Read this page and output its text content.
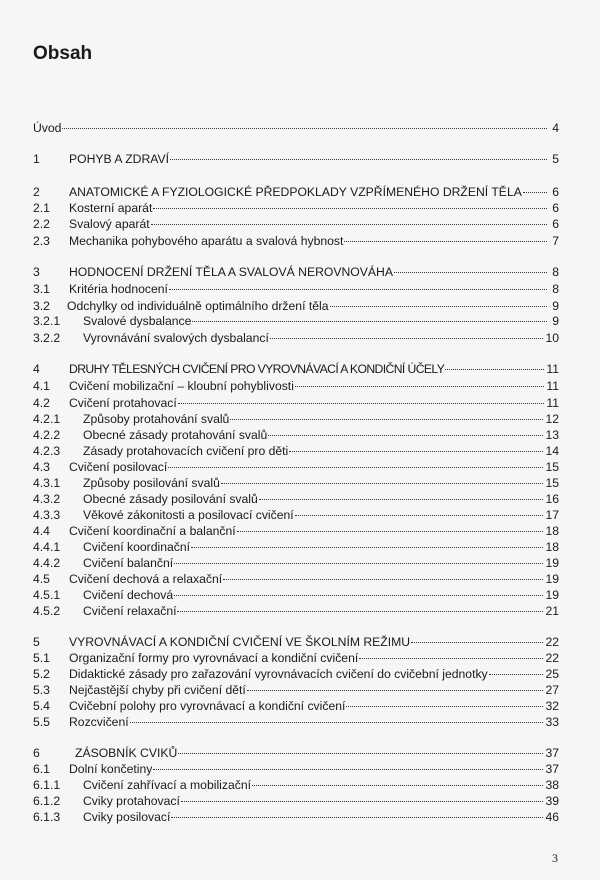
Obsah
Úvod	4
1	POHYB A ZDRAVÍ	5
2	ANATOMICKÉ A FYZIOLOGICKÉ PŘEDPOKLADY VZPŘÍMENÉHO DRŽENÍ TĚLA 6
2.1	Kosterní aparát	6
2.2	Svalový aparát	6
2.3	Mechanika pohybového aparátu a svalová hybnost	7
3	HODNOCENÍ DRŽENÍ TĚLA A SVALOVÁ NEROVNOVÁHA	8
3.1	Kritéria hodnocení	8
3.2	Odchylky od individuálně optimálního držení těla	9
3.2.1	Svalové dysbalance	9
3.2.2	Vyrovnávání svalových dysbalancí	10
4	DRUHY TĚLESNÝCH CVIČENÍ PRO VYROVNÁVACÍ A KONDIČNÍ ÚČELY	11
4.1	Cvičení mobilizační – kloubní pohyblivosti	11
4.2	Cvičení protahovací	11
4.2.1	Způsoby protahování svalů	12
4.2.2	Obecné zásady protahování svalů	13
4.2.3	Zásady protahovacích cvičení pro děti	14
4.3	Cvičení posilovací	15
4.3.1	Způsoby posilování svalů	15
4.3.2	Obecné zásady posilování svalů	16
4.3.3	Věkové zákonitosti a posilovací cvičení	17
4.4	Cvičení koordinační a balanční	18
4.4.1	Cvičení koordinační	18
4.4.2	Cvičení balanční	19
4.5	Cvičení dechová a relaxační	19
4.5.1	Cvičení dechová	19
4.5.2	Cvičení relaxační	21
5	VYROVNÁVACÍ A KONDIČNÍ CVIČENÍ VE ŠKOLNÍM REŽIMU	22
5.1	Organizační formy pro vyrovnávací a kondiční cvičení	22
5.2	Didaktické zásady pro zařazování vyrovnávacích cvičení do cvičební jednotky	25
5.3	Nejčastější chyby při cvičení dětí	27
5.4	Cvičební polohy pro vyrovnávací a kondiční cvičení	32
5.5	Rozcvičení	33
6	ZÁSOBNÍK CVIKŮ	37
6.1	Dolní končetiny	37
6.1.1	Cvičení zahřívací a mobilizační	38
6.1.2	Cviky protahovací	39
6.1.3	Cviky posilovací	46
3
